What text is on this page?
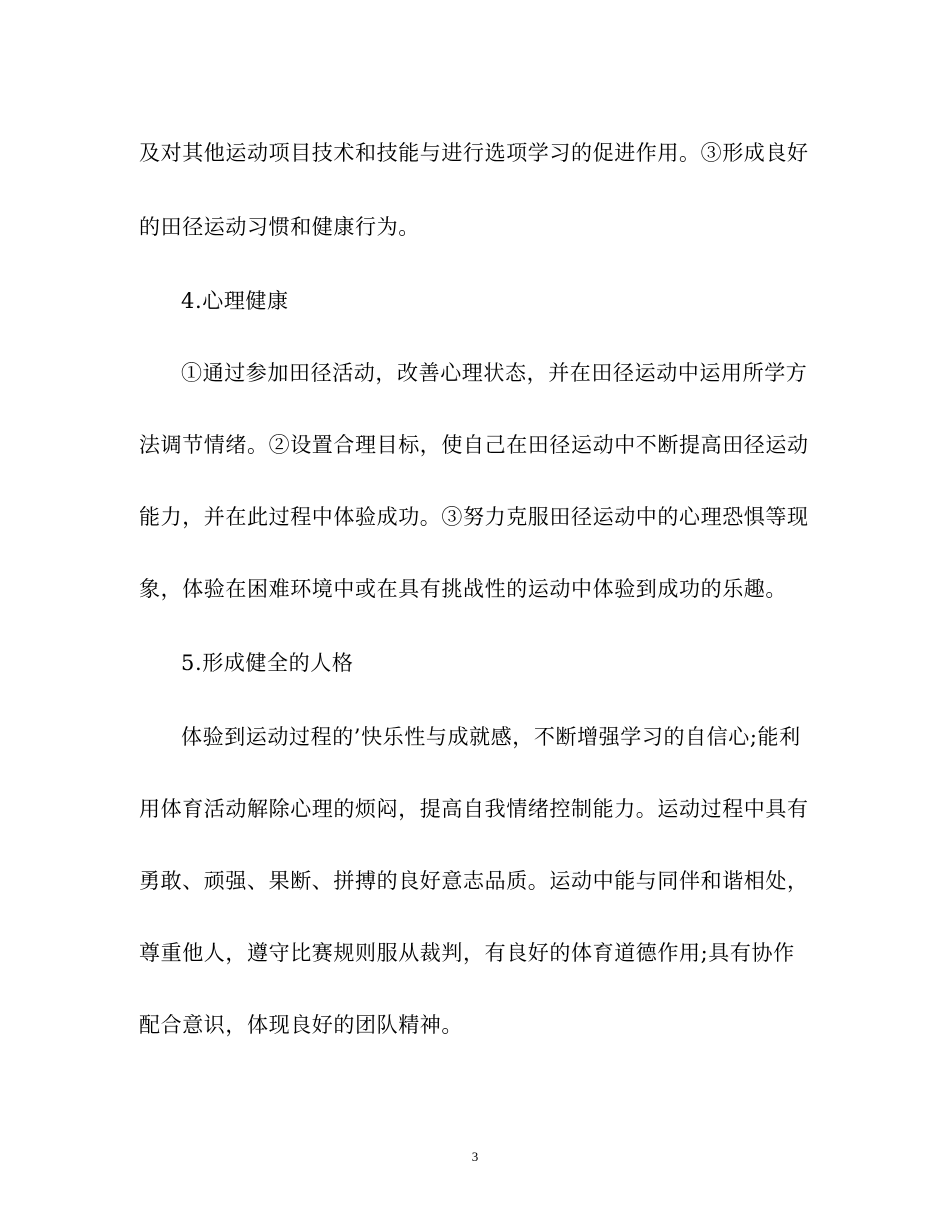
及对其他运动项目技术和技能与进行选项学习的促进作用。③形成良好
的田径运动习惯和健康行为。
4.心理健康
①通过参加田径活动，改善心理状态，并在田径运动中运用所学方
法调节情绪。②设置合理目标，使自己在田径运动中不断提高田径运动
能力，并在此过程中体验成功。③努力克服田径运动中的心理恐惧等现
象，体验在困难环境中或在具有挑战性的运动中体验到成功的乐趣。
5.形成健全的人格
体验到运动过程的’快乐性与成就感，不断增强学习的自信心;能利
用体育活动解除心理的烦闷，提高自我情绪控制能力。运动过程中具有
勇敢、顽强、果断、拼搏的良好意志品质。运动中能与同伴和谐相处，
尊重他人，遵守比赛规则服从裁判，有良好的体育道德作用;具有协作
配合意识，体现良好的团队精神。
3
